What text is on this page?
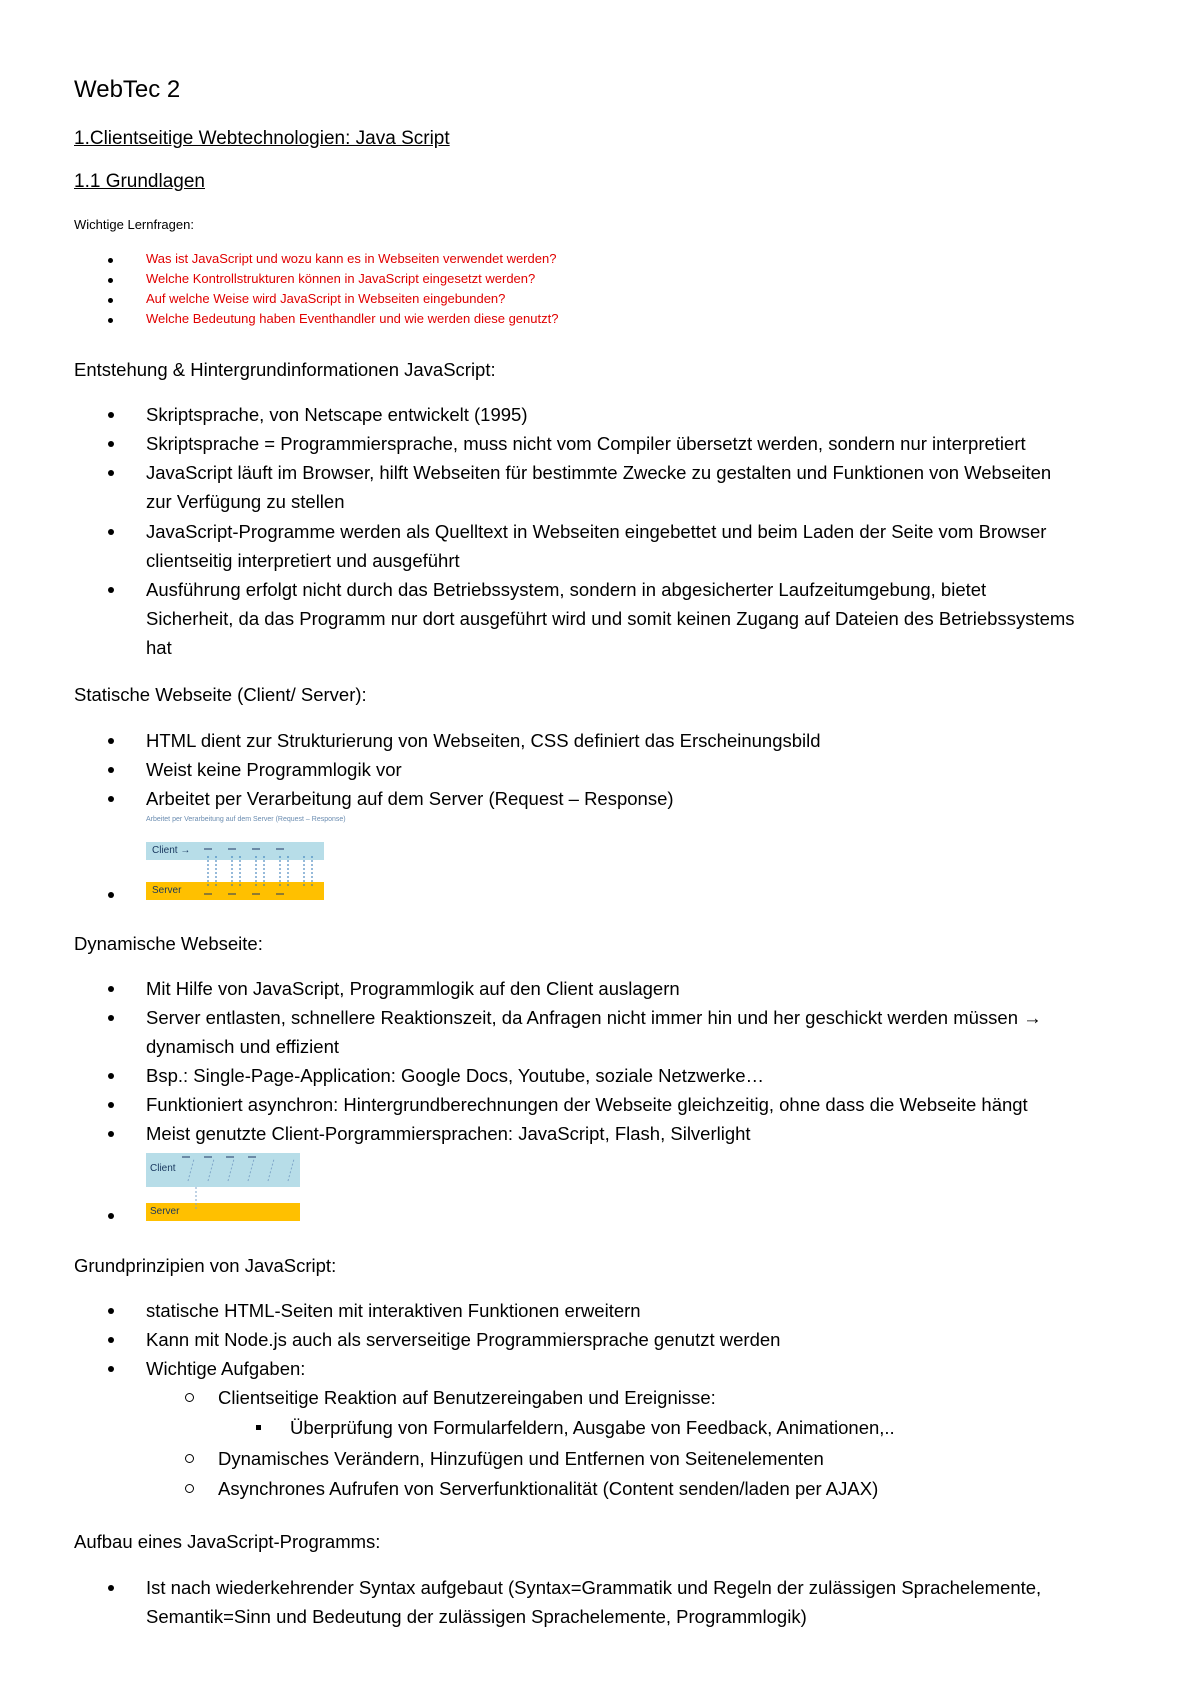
WebTec 2
1.Clientseitige Webtechnologien: Java Script
1.1 Grundlagen
Wichtige Lernfragen:
Was ist JavaScript und wozu kann es in Webseiten verwendet werden?
Welche Kontrollstrukturen können in JavaScript eingesetzt werden?
Auf welche Weise wird JavaScript in Webseiten eingebunden?
Welche Bedeutung haben Eventhandler und wie werden diese genutzt?
Entstehung & Hintergrundinformationen JavaScript:
Skriptsprache, von Netscape entwickelt (1995)
Skriptsprache = Programmiersprache, muss nicht vom Compiler übersetzt werden, sondern nur interpretiert
JavaScript läuft im Browser, hilft Webseiten für bestimmte Zwecke zu gestalten und Funktionen von Webseiten zur Verfügung zu stellen
JavaScript-Programme werden als Quelltext in Webseiten eingebettet und beim Laden der Seite vom Browser clientseitig interpretiert und ausgeführt
Ausführung erfolgt nicht durch das Betriebssystem, sondern in abgesicherter Laufzeitumgebung, bietet Sicherheit, da das Programm nur dort ausgeführt wird und somit keinen Zugang auf Dateien des Betriebssystems hat
Statische Webseite (Client/ Server):
HTML dient zur Strukturierung von Webseiten, CSS definiert das Erscheinungsbild
Weist keine Programmlogik vor
Arbeitet per Verarbeitung auf dem Server (Request – Response)
Arbeitet per Verarbeitung auf dem Server (Request – Response)
Client →
Server
Dynamische Webseite:
Mit Hilfe von JavaScript, Programmlogik auf den Client auslagern
Server entlasten, schnellere Reaktionszeit, da Anfragen nicht immer hin und her geschickt werden müssen → dynamisch und effizient
Bsp.: Single-Page-Application: Google Docs, Youtube, soziale Netzwerke…
Funktioniert asynchron: Hintergrundberechnungen der Webseite gleichzeitig, ohne dass die Webseite hängt
Meist genutzte Client-Porgrammiersprachen: JavaScript, Flash, Silverlight
Client
Server
Grundprinzipien von JavaScript:
statische HTML-Seiten mit interaktiven Funktionen erweitern
Kann mit Node.js auch als serverseitige Programmiersprache genutzt werden
Wichtige Aufgaben:
Clientseitige Reaktion auf Benutzereingaben und Ereignisse:
Überprüfung von Formularfeldern, Ausgabe von Feedback, Animationen,..
Dynamisches Verändern, Hinzufügen und Entfernen von Seitenelementen
Asynchrones Aufrufen von Serverfunktionalität (Content senden/laden per AJAX)
Aufbau eines JavaScript-Programms:
Ist nach wiederkehrender Syntax aufgebaut (Syntax=Grammatik und Regeln der zulässigen Sprachelemente, Semantik=Sinn und Bedeutung der zulässigen Sprachelemente, Programmlogik)
